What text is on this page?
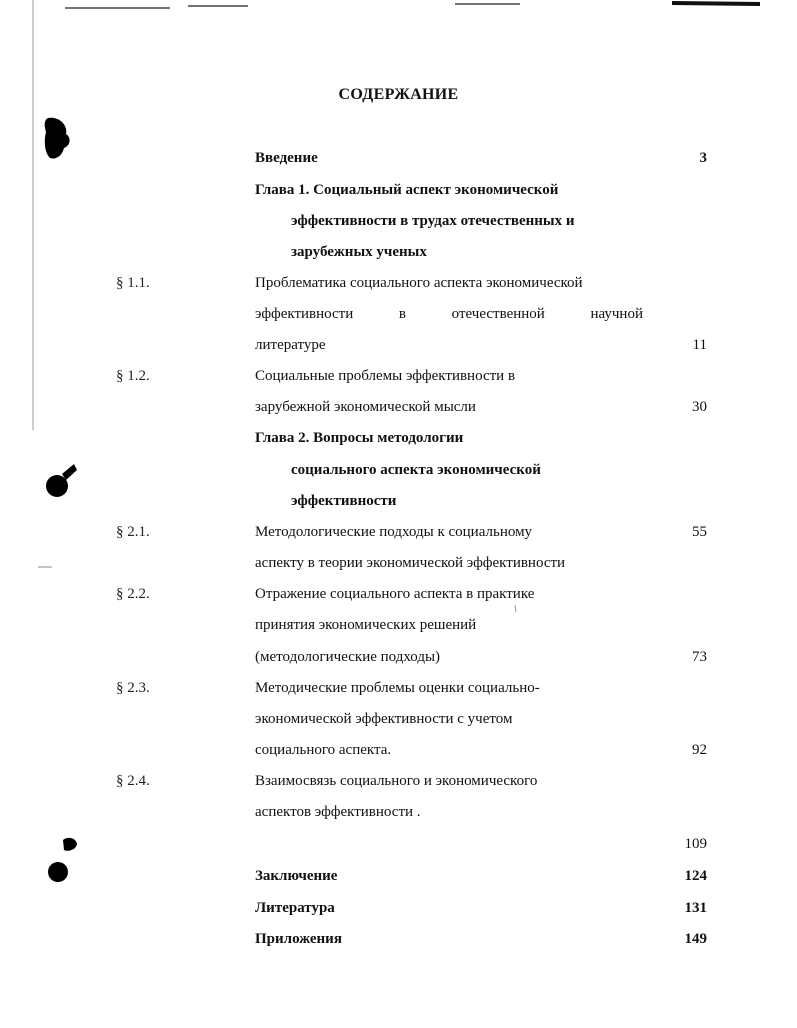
СОДЕРЖАНИЕ
Введение	3
Глава 1. Социальный аспект экономической
эффективности в трудах отечественных и
зарубежных ученых
§ 1.1.	Проблематика социального аспекта экономической
эффективности	в	отечественной	научной
литературе	11
§ 1.2.	Социальные проблемы эффективности в
зарубежной экономической мысли	30
Глава 2. Вопросы методологии
социального аспекта экономической
эффективности
§ 2.1.	Методологические подходы к социальному	55
аспекту в теории экономической эффективности
§ 2.2.	Отражение социального аспекта в практике
принятия экономических решений
(методологические подходы)	73
§ 2.3.	Методические проблемы оценки социально-
экономической эффективности с учетом
социального аспекта.	92
§ 2.4.	Взаимосвязь социального и экономического
аспектов эффективности .
109
Заключение	124
Литература	131
Приложения	149
